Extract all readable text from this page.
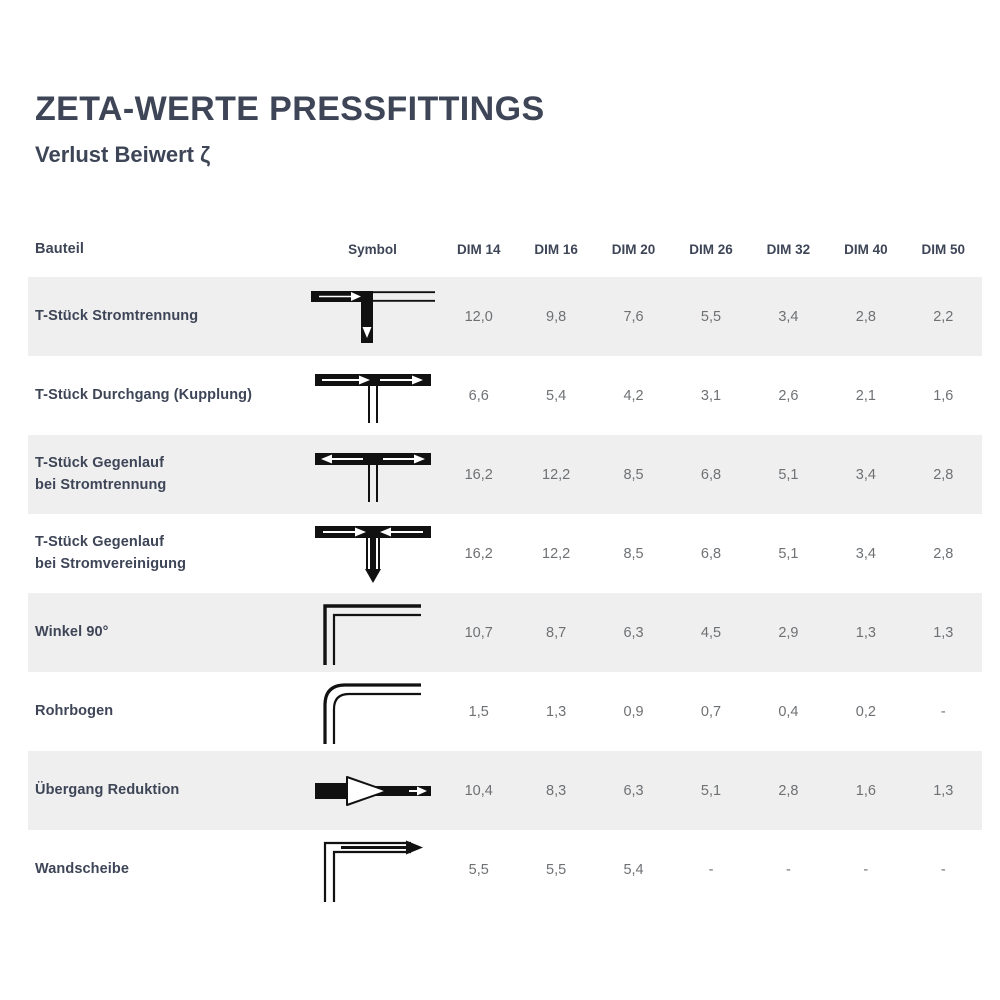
ZETA-WERTE PRESSFITTINGS
Verlust Beiwert ζ
Bauteil	Symbol	DIM 14	DIM 16	DIM 20	DIM 26	DIM 32	DIM 40	DIM 50
T-Stück Stromtrennung	12,0	9,8	7,6	5,5	3,4	2,8	2,2
T-Stück Durchgang (Kupplung)	6,6	5,4	4,2	3,1	2,6	2,1	1,6
T-Stück Gegenlauf
bei Stromtrennung
16,2	12,2	8,5	6,8	5,1	3,4	2,8
T-Stück Gegenlauf
bei Stromvereinigung
16,2	12,2	8,5	6,8	5,1	3,4	2,8
Winkel 90°	10,7	8,7	6,3	4,5	2,9	1,3	1,3
Rohrbogen	1,5	1,3	0,9	0,7	0,4	0,2	-
Übergang Reduktion	10,4	8,3	6,3	5,1	2,8	1,6	1,3
Wandscheibe	5,5	5,5	5,4	-	-	-	-
